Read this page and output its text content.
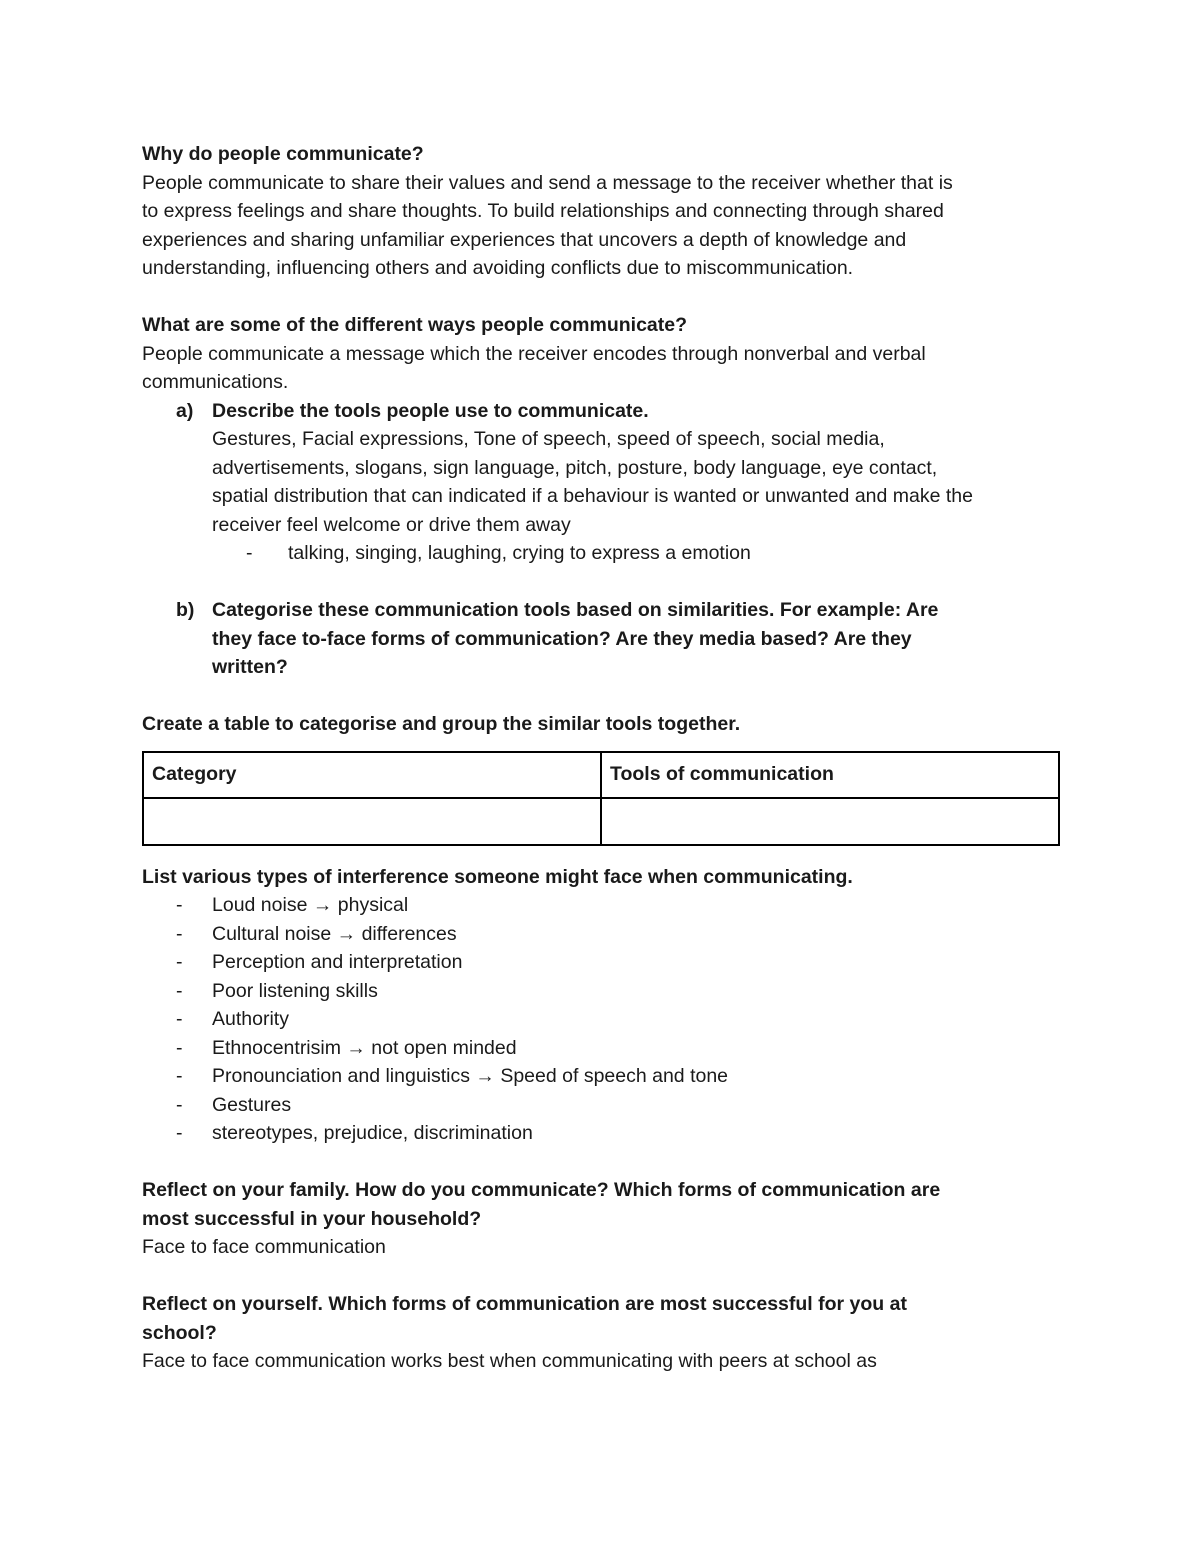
Why do people communicate?
People communicate to share their values and send a message to the receiver whether that is
to express feelings and share thoughts. To build relationships and connecting through shared
experiences and sharing unfamiliar experiences that uncovers a depth of knowledge and
understanding, influencing others and avoiding conflicts due to miscommunication.
What are some of the different ways people communicate?
People communicate a message which the receiver encodes through nonverbal and verbal
communications.
a) Describe the tools people use to communicate.
Gestures, Facial expressions, Tone of speech, speed of speech, social media,
advertisements, slogans, sign language, pitch, posture, body language, eye contact,
spatial distribution that can indicated if a behaviour is wanted or unwanted and make the
receiver feel welcome or drive them away
- talking, singing, laughing, crying to express a emotion
b) Categorise these communication tools based on similarities. For example: Are
they face to-face forms of communication? Are they media based? Are they
written?
Create a table to categorise and group the similar tools together.
Category	Tools of communication

List various types of interference someone might face when communicating.
- Loud noise → physical
- Cultural noise → differences
- Perception and interpretation
- Poor listening skills
- Authority
- Ethnocentrisim → not open minded
- Pronounciation and linguistics → Speed of speech and tone
- Gestures
- stereotypes, prejudice, discrimination
Reflect on your family. How do you communicate? Which forms of communication are
most successful in your household?
Face to face communication
Reflect on yourself. Which forms of communication are most successful for you at
school?
Face to face communication works best when communicating with peers at school as
